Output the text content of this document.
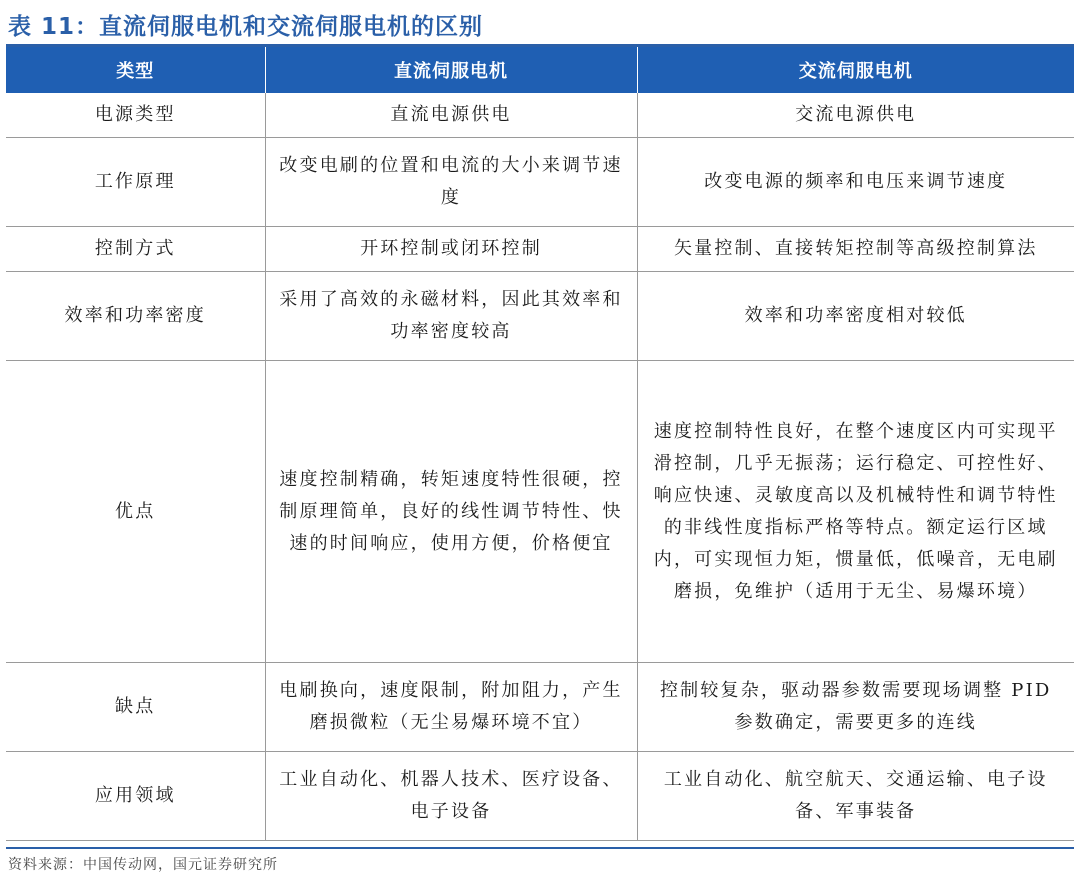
表 11：直流伺服电机和交流伺服电机的区别
类型	直流伺服电机	交流伺服电机
电源类型	直流电源供电	交流电源供电
工作原理	改变电刷的位置和电流的大小来调节速度	改变电源的频率和电压来调节速度
控制方式	开环控制或闭环控制	矢量控制、直接转矩控制等高级控制算法
效率和功率密度	采用了高效的永磁材料，因此其效率和功率密度较高	效率和功率密度相对较低
优点	速度控制精确，转矩速度特性很硬，控制原理简单，良好的线性调节特性、快速的时间响应，使用方便，价格便宜	速度控制特性良好，在整个速度区内可实现平滑控制，几乎无振荡；运行稳定、可控性好、响应快速、灵敏度高以及机械特性和调节特性的非线性度指标严格等特点。额定运行区域内，可实现恒力矩，惯量低，低噪音，无电刷磨损，免维护（适用于无尘、易爆环境）
缺点	电刷换向，速度限制，附加阻力，产生磨损微粒（无尘易爆环境不宜）	控制较复杂，驱动器参数需要现场调整 PID 参数确定，需要更多的连线
应用领域	工业自动化、机器人技术、医疗设备、电子设备	工业自动化、航空航天、交通运输、电子设备、军事装备
资料来源：中国传动网，国元证券研究所
